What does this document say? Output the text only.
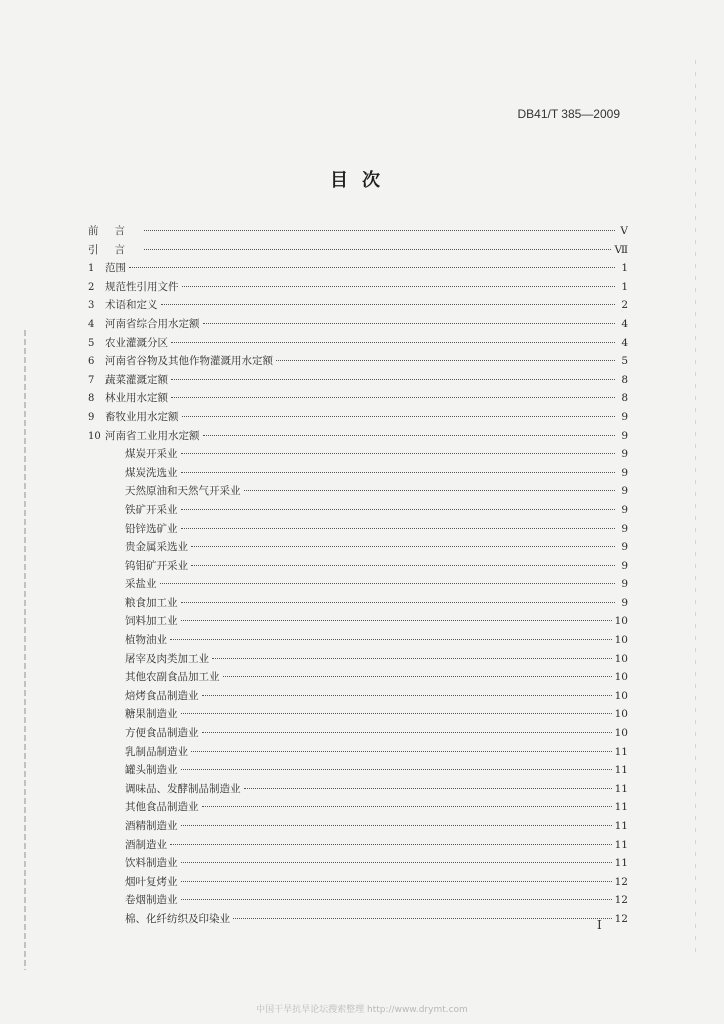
DB41/T 385—2009
目次
前言	V
引言	Ⅶ
1	范围	1
2	规范性引用文件	1
3	术语和定义	2
4	河南省综合用水定额	4
5	农业灌溉分区	4
6	河南省谷物及其他作物灌溉用水定额	5
7	蔬菜灌溉定额	8
8	林业用水定额	8
9	畜牧业用水定额	9
10 河南省工业用水定额	9
煤炭开采业	9
煤炭洗选业	9
天然原油和天然气开采业	9
铁矿开采业	9
铅锌选矿业	9
贵金属采选业	9
钨钼矿开采业	9
采盐业	9
粮食加工业	9
饲料加工业	10
植物油业	10
屠宰及肉类加工业	10
其他农副食品加工业	10
焙烤食品制造业	10
糖果制造业	10
方便食品制造业	10
乳制品制造业	11
罐头制造业	11
调味品、发酵制品制造业	11
其他食品制造业	11
酒精制造业	11
酒制造业	11
饮料制造业	11
烟叶复烤业	12
卷烟制造业	12
棉、化纤纺织及印染业	12
I
中国干旱抗旱论坛搜索整理 http://www.drymt.com
